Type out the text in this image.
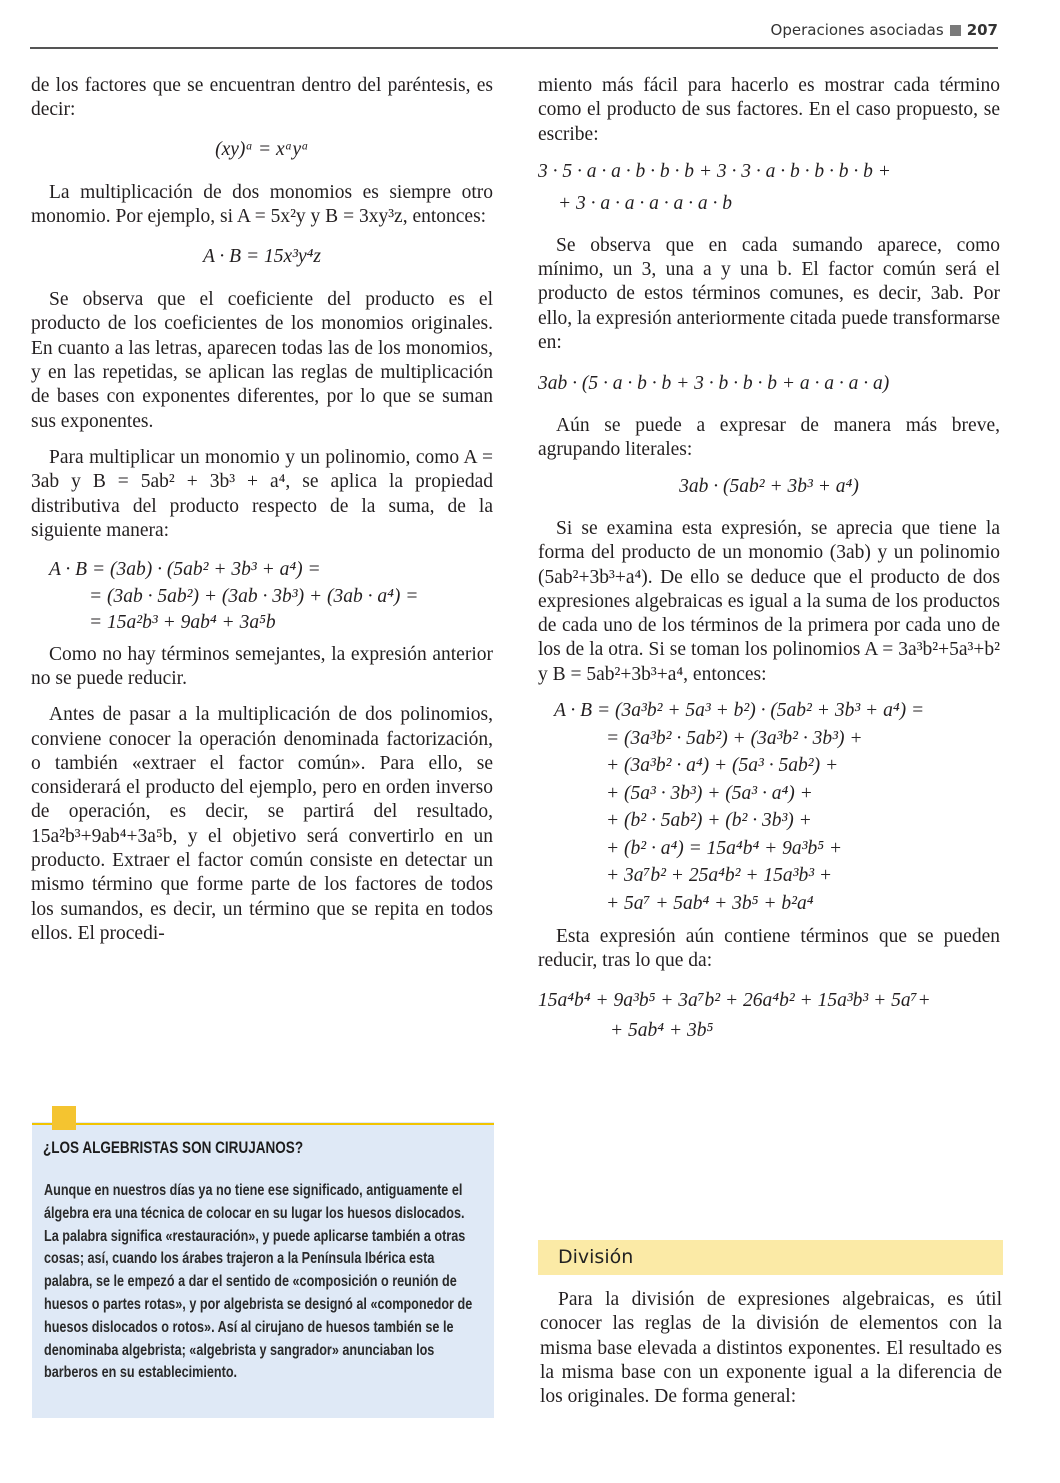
Operaciones asociadas 207

de los factores que se encuentran dentro del paréntesis, es decir:

(xy)ᵃ = xᵃyᵃ

La multiplicación de dos monomios es siempre otro monomio. Por ejemplo, si A = 5x²y y B = 3xy³z, entonces:

A · B = 15x³y⁴z

Se observa que el coeficiente del producto es el producto de los coeficientes de los monomios originales. En cuanto a las letras, aparecen todas las de los monomios, y en las repetidas, se aplican las reglas de multiplicación de bases con exponentes diferentes, por lo que se suman sus exponentes.

Para multiplicar un monomio y un polinomio, como A = 3ab y B = 5ab² + 3b³ + a⁴, se aplica la propiedad distributiva del producto respecto de la suma, de la siguiente manera:

A · B = (3ab) · (5ab² + 3b³ + a⁴) =
= (3ab · 5ab²) + (3ab · 3b³) + (3ab · a⁴) =
= 15a²b³ + 9ab⁴ + 3a⁵b

Como no hay términos semejantes, la expresión anterior no se puede reducir.

Antes de pasar a la multiplicación de dos polinomios, conviene conocer la operación denominada factorización, o también «extraer el factor común». Para ello, se considerará el producto del ejemplo, pero en orden inverso de operación, es decir, se partirá del resultado, 15a²b³+9ab⁴+3a⁵b, y el objetivo será convertirlo en un producto. Extraer el factor común consiste en detectar un mismo término que forme parte de los factores de todos los sumandos, es decir, un término que se repita en todos ellos. El procedi-

¿LOS ALGEBRISTAS SON CIRUJANOS?
Aunque en nuestros días ya no tiene ese significado, antiguamente el álgebra era una técnica de colocar en su lugar los huesos dislocados. La palabra significa «restauración», y puede aplicarse también a otras cosas; así, cuando los árabes trajeron a la Península Ibérica esta palabra, se le empezó a dar el sentido de «composición o reunión de huesos o partes rotas», y por algebrista se designó al «componedor de huesos dislocados o rotos». Así al cirujano de huesos también se le denominaba algebrista; «algebrista y sangrador» anunciaban los barberos en su establecimiento.

miento más fácil para hacerlo es mostrar cada término como el producto de sus factores. En el caso propuesto, se escribe:

3 · 5 · a · a · b · b · b + 3 · 3 · a · b · b · b · b +
+ 3 · a · a · a · a · a · b

Se observa que en cada sumando aparece, como mínimo, un 3, una a y una b. El factor común será el producto de estos términos comunes, es decir, 3ab. Por ello, la expresión anteriormente citada puede transformarse en:

3ab · (5 · a · b · b + 3 · b · b · b + a · a · a · a)

Aún se puede a expresar de manera más breve, agrupando literales:

3ab · (5ab² + 3b³ + a⁴)

Si se examina esta expresión, se aprecia que tiene la forma del producto de un monomio (3ab) y un polinomio (5ab²+3b³+a⁴). De ello se deduce que el producto de dos expresiones algebraicas es igual a la suma de los productos de cada uno de los términos de la primera por cada uno de los de la otra. Si se toman los polinomios A = 3a³b²+5a³+b² y B = 5ab²+3b³+a⁴, entonces:

A · B = (3a³b² + 5a³ + b²) · (5ab² + 3b³ + a⁴) =
= (3a³b² · 5ab²) + (3a³b² · 3b³) +
+ (3a³b² · a⁴) + (5a³ · 5ab²) +
+ (5a³ · 3b³) + (5a³ · a⁴) +
+ (b² · 5ab²) + (b² · 3b³) +
+ (b² · a⁴) = 15a⁴b⁴ + 9a³b⁵ +
+ 3a⁷b² + 25a⁴b² + 15a³b³ +
+ 5a⁷ + 5ab⁴ + 3b⁵ + b²a⁴

Esta expresión aún contiene términos que se pueden reducir, tras lo que da:

15a⁴b⁴ + 9a³b⁵ + 3a⁷b² + 26a⁴b² + 15a³b³ + 5a⁷+
+ 5ab⁴ + 3b⁵
División

Para la división de expresiones algebraicas, es útil conocer las reglas de la división de elementos con la misma base elevada a distintos exponentes. El resultado es la misma base con un exponente igual a la diferencia de los originales. De forma general:
